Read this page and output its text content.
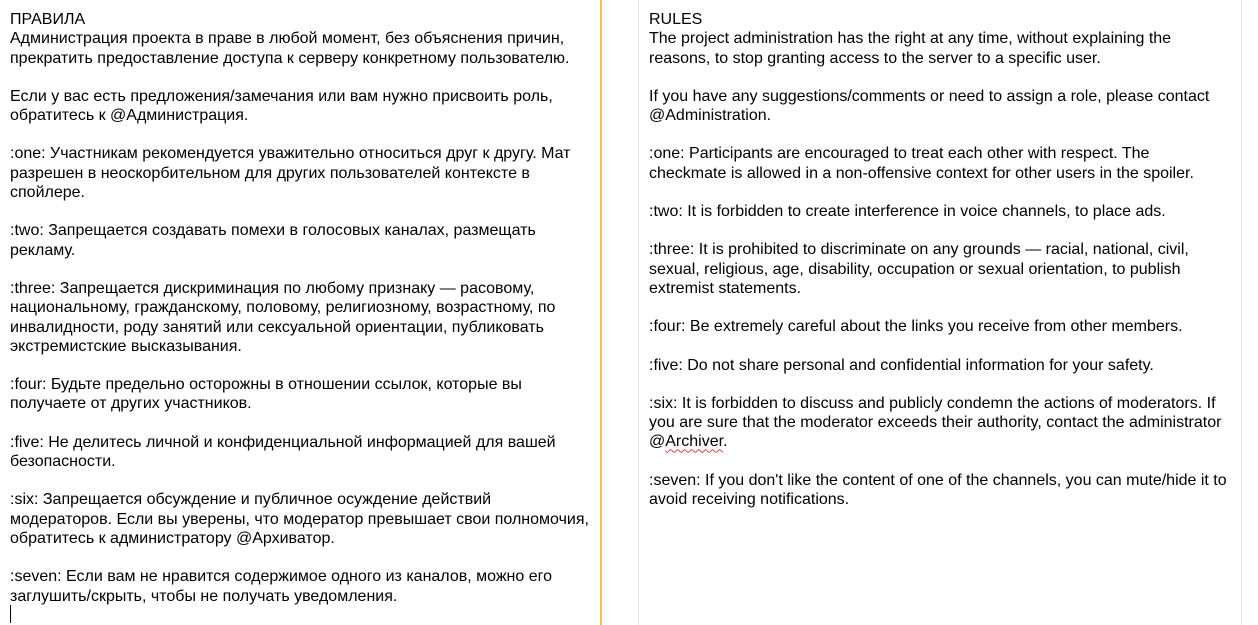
ПРАВИЛА
Администрация проекта в праве в любой момент, без объяснения причин, прекратить предоставление доступа к серверу конкретному пользователю.
Если у вас есть предложения/замечания или вам нужно присвоить роль, обратитесь к @Администрация.
:one: Участникам рекомендуется уважительно относиться друг к другу. Мат разрешен в неоскорбительном для других пользователей контексте в спойлере.
:two: Запрещается создавать помехи в голосовых каналах, размещать рекламу.
:three: Запрещается дискриминация по любому признаку — расовому, национальному, гражданскому, половому, религиозному, возрастному, по инвалидности, роду занятий или сексуальной ориентации, публиковать экстремистские высказывания.
:four: Будьте предельно осторожны в отношении ссылок, которые вы получаете от других участников.
:five: Не делитесь личной и конфиденциальной информацией для вашей безопасности.
:six: Запрещается обсуждение и публичное осуждение действий модераторов. Если вы уверены, что модератор превышает свои полномочия, обратитесь к администратору @Архиватор.
:seven: Если вам не нравится содержимое одного из каналов, можно его заглушить/скрыть, чтобы не получать уведомления.
RULES
The project administration has the right at any time, without explaining the reasons, to stop granting access to the server to a specific user.
If you have any suggestions/comments or need to assign a role, please contact @Administration.
:one: Participants are encouraged to treat each other with respect. The checkmate is allowed in a non-offensive context for other users in the spoiler.
:two: It is forbidden to create interference in voice channels, to place ads.
:three: It is prohibited to discriminate on any grounds — racial, national, civil, sexual, religious, age, disability, occupation or sexual orientation, to publish extremist statements.
:four: Be extremely careful about the links you receive from other members.
:five: Do not share personal and confidential information for your safety.
:six: It is forbidden to discuss and publicly condemn the actions of moderators. If you are sure that the moderator exceeds their authority, contact the administrator @Archiver.
:seven: If you don't like the content of one of the channels, you can mute/hide it to avoid receiving notifications.
